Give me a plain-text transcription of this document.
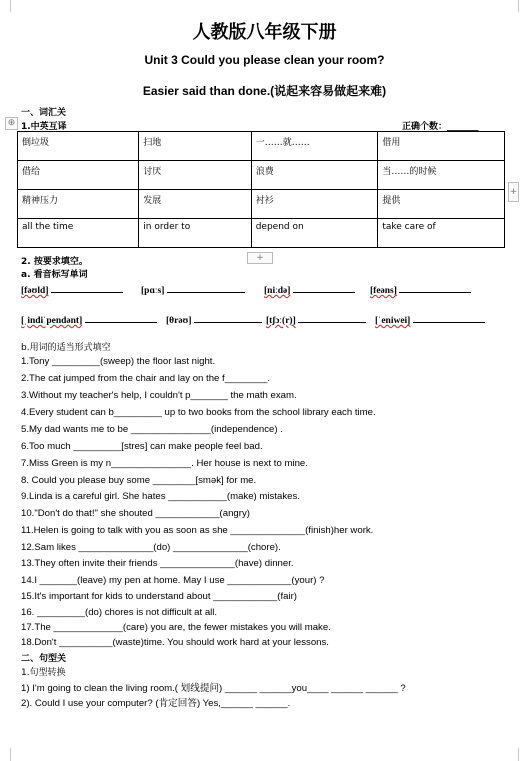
人教版八年级下册
Unit 3 Could you please clean your room?
Easier said than done.(说起来容易做起来难)
一、词汇关
⊕ 1.中英互译	正确个数：_______
倒垃圾	扫地	一……就……	借用
借给	讨厌	浪费	当……的时候
精神压力	发展	衬衫	提供
all the time	in order to	depend on	take care of
+
+
2. 按要求填空。
a. 看音标写单词
[fəʊld]	[pɑːs]	[niːdə]	[feəns]
[ˌindiˈpendənt]	[θrəʊ]	[tʃɔː(r)]	[ˈeniwei]
b.用词的适当形式填空
1.Tony _________(sweep) the floor last night.
2.The cat jumped from the chair and lay on the f________.
3.Without my teacher's help, I couldn't p_______ the math exam.
4.Every student can b_________ up to two books from the school library each time.
5.My dad wants me to be _______________(independence) .
6.Too much _________[stres] can make people feel bad.
7.Miss Green is my n_______________. Her house is next to mine.
8. Could you please buy some ________[smәk] for me.
9.Linda is a careful girl. She hates ___________(make) mistakes.
10."Don't do that!" she shouted ____________(angry)
11.Helen is going to talk with you as soon as she ______________(finish)her work.
12.Sam likes ______________(do) ______________(chore).
13.They often invite their friends ______________(have) dinner.
14.I _______(leave) my pen at home. May I use ____________(your) ?
15.It's important for kids to understand about ____________(fair)
16. _________(do) chores is not difficult at all.
17.The _____________(care) you are, the fewer mistakes you will make.
18.Don't __________(waste)time. You should work hard at your lessons.
二、句型关
1.句型转换
1) I'm going to clean the living room.( 划线提问) ______ ______you____ ______ ______ ?
2). Could I use your computer? (肯定回答) Yes,______ ______.
